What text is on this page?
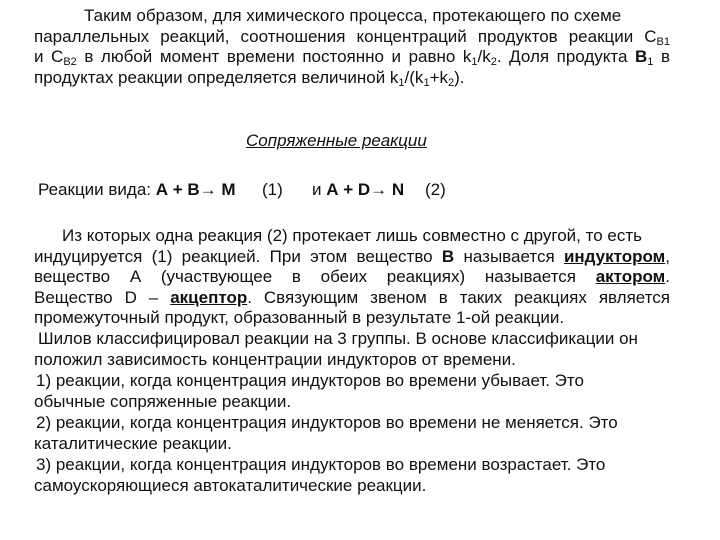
Таким образом, для химического процесса, протекающего по схеме
параллельных реакций, соотношения концентраций продуктов реакции $С_{В1}$
и $С_{В2}$ в любой момент времени постоянно и равно $k_1/k_2$. Доля продукта $В_1$ в
продуктах реакции определяется величиной $k_1/(k_1+k_2)$.
Сопряженные реакции
Реакции вида: А + В→ М (1) и А + D→ N (2)
Из которых одна реакция (2) протекает лишь совместно с другой, то есть
индуцируется (1) реакцией. При этом вещество В называется индуктором,
вещество А (участвующее в обеих реакциях) называется актором.
Вещество D – акцептор. Связующим звеном в таких реакциях является
промежуточный продукт, образованный в результате 1-ой реакции.
Шилов классифицировал реакции на 3 группы. В основе классификации он
положил зависимость концентрации индукторов от времени.
1) реакции, когда концентрация индукторов во времени убывает. Это
обычные сопряженные реакции.
2) реакции, когда концентрация индукторов во времени не меняется. Это
каталитические реакции.
3) реакции, когда концентрация индукторов во времени возрастает. Это
самоускоряющиеся автокаталитические реакции.
